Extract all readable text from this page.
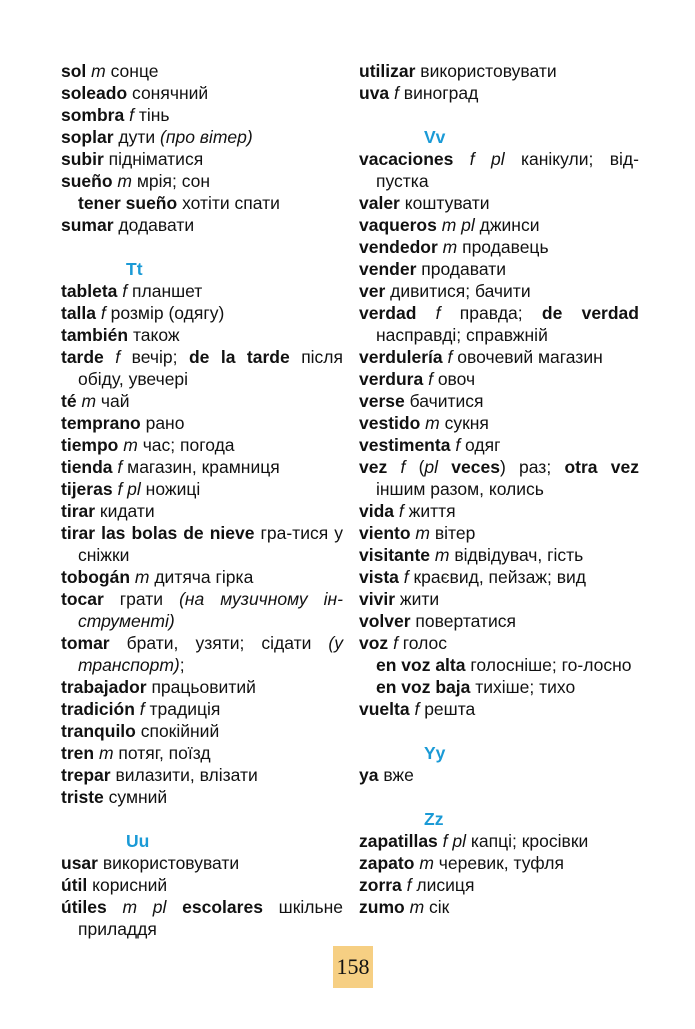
sol m сонце

soleado сонячний

sombra f тінь

soplar дути (про вітер)

subir підніматися

sueño m мрія; сон

tener sueño хотіти спати

sumar додавати

Tt

tableta f планшет

talla f розмір (одягу)

también також

tarde f вечір; de la tarde після обіду, увечері

té m чай

temprano рано

tiempo m час; погода

tienda f магазин, крамниця

tijeras f pl ножиці

tirar кидати

tirar las bolas de nieve гра-тися у сніжки

tobogán m дитяча гірка

tocar грати (на музичному ін-струменті)

tomar брати, узяти; сідати (у транспорт);

trabajador працьовитий

tradición f традиція

tranquilo спокійний

tren m потяг, поїзд

trepar вилазити, влізати

triste сумний

Uu

usar використовувати

útil корисний

útiles m pl escolares шкільне приладдя

utilizar використовувати

uva f виноград

Vv

vacaciones f pl канікули; від-пустка

valer коштувати

vaqueros m pl джинси

vendedor m продавець

vender продавати

ver дивитися; бачити

verdad f правда; de verdad насправді; справжній

verdulería f овочевий магазин

verdura f овоч

verse бачитися

vestido m сукня

vestimenta f одяг

vez f (pl veces) раз; otra vez іншим разом, колись

vida f життя

viento m вітер

visitante m відвідувач, гість

vista f краєвид, пейзаж; вид

vivir жити

volver повертатися

voz f голос

en voz alta голосніше; го-лосно

en voz baja тихіше; тихо

vuelta f решта

Yy

ya вже

Zz

zapatillas f pl капці; кросівки

zapato m черевик, туфля

zorra f лисиця

zumo m сік

158
